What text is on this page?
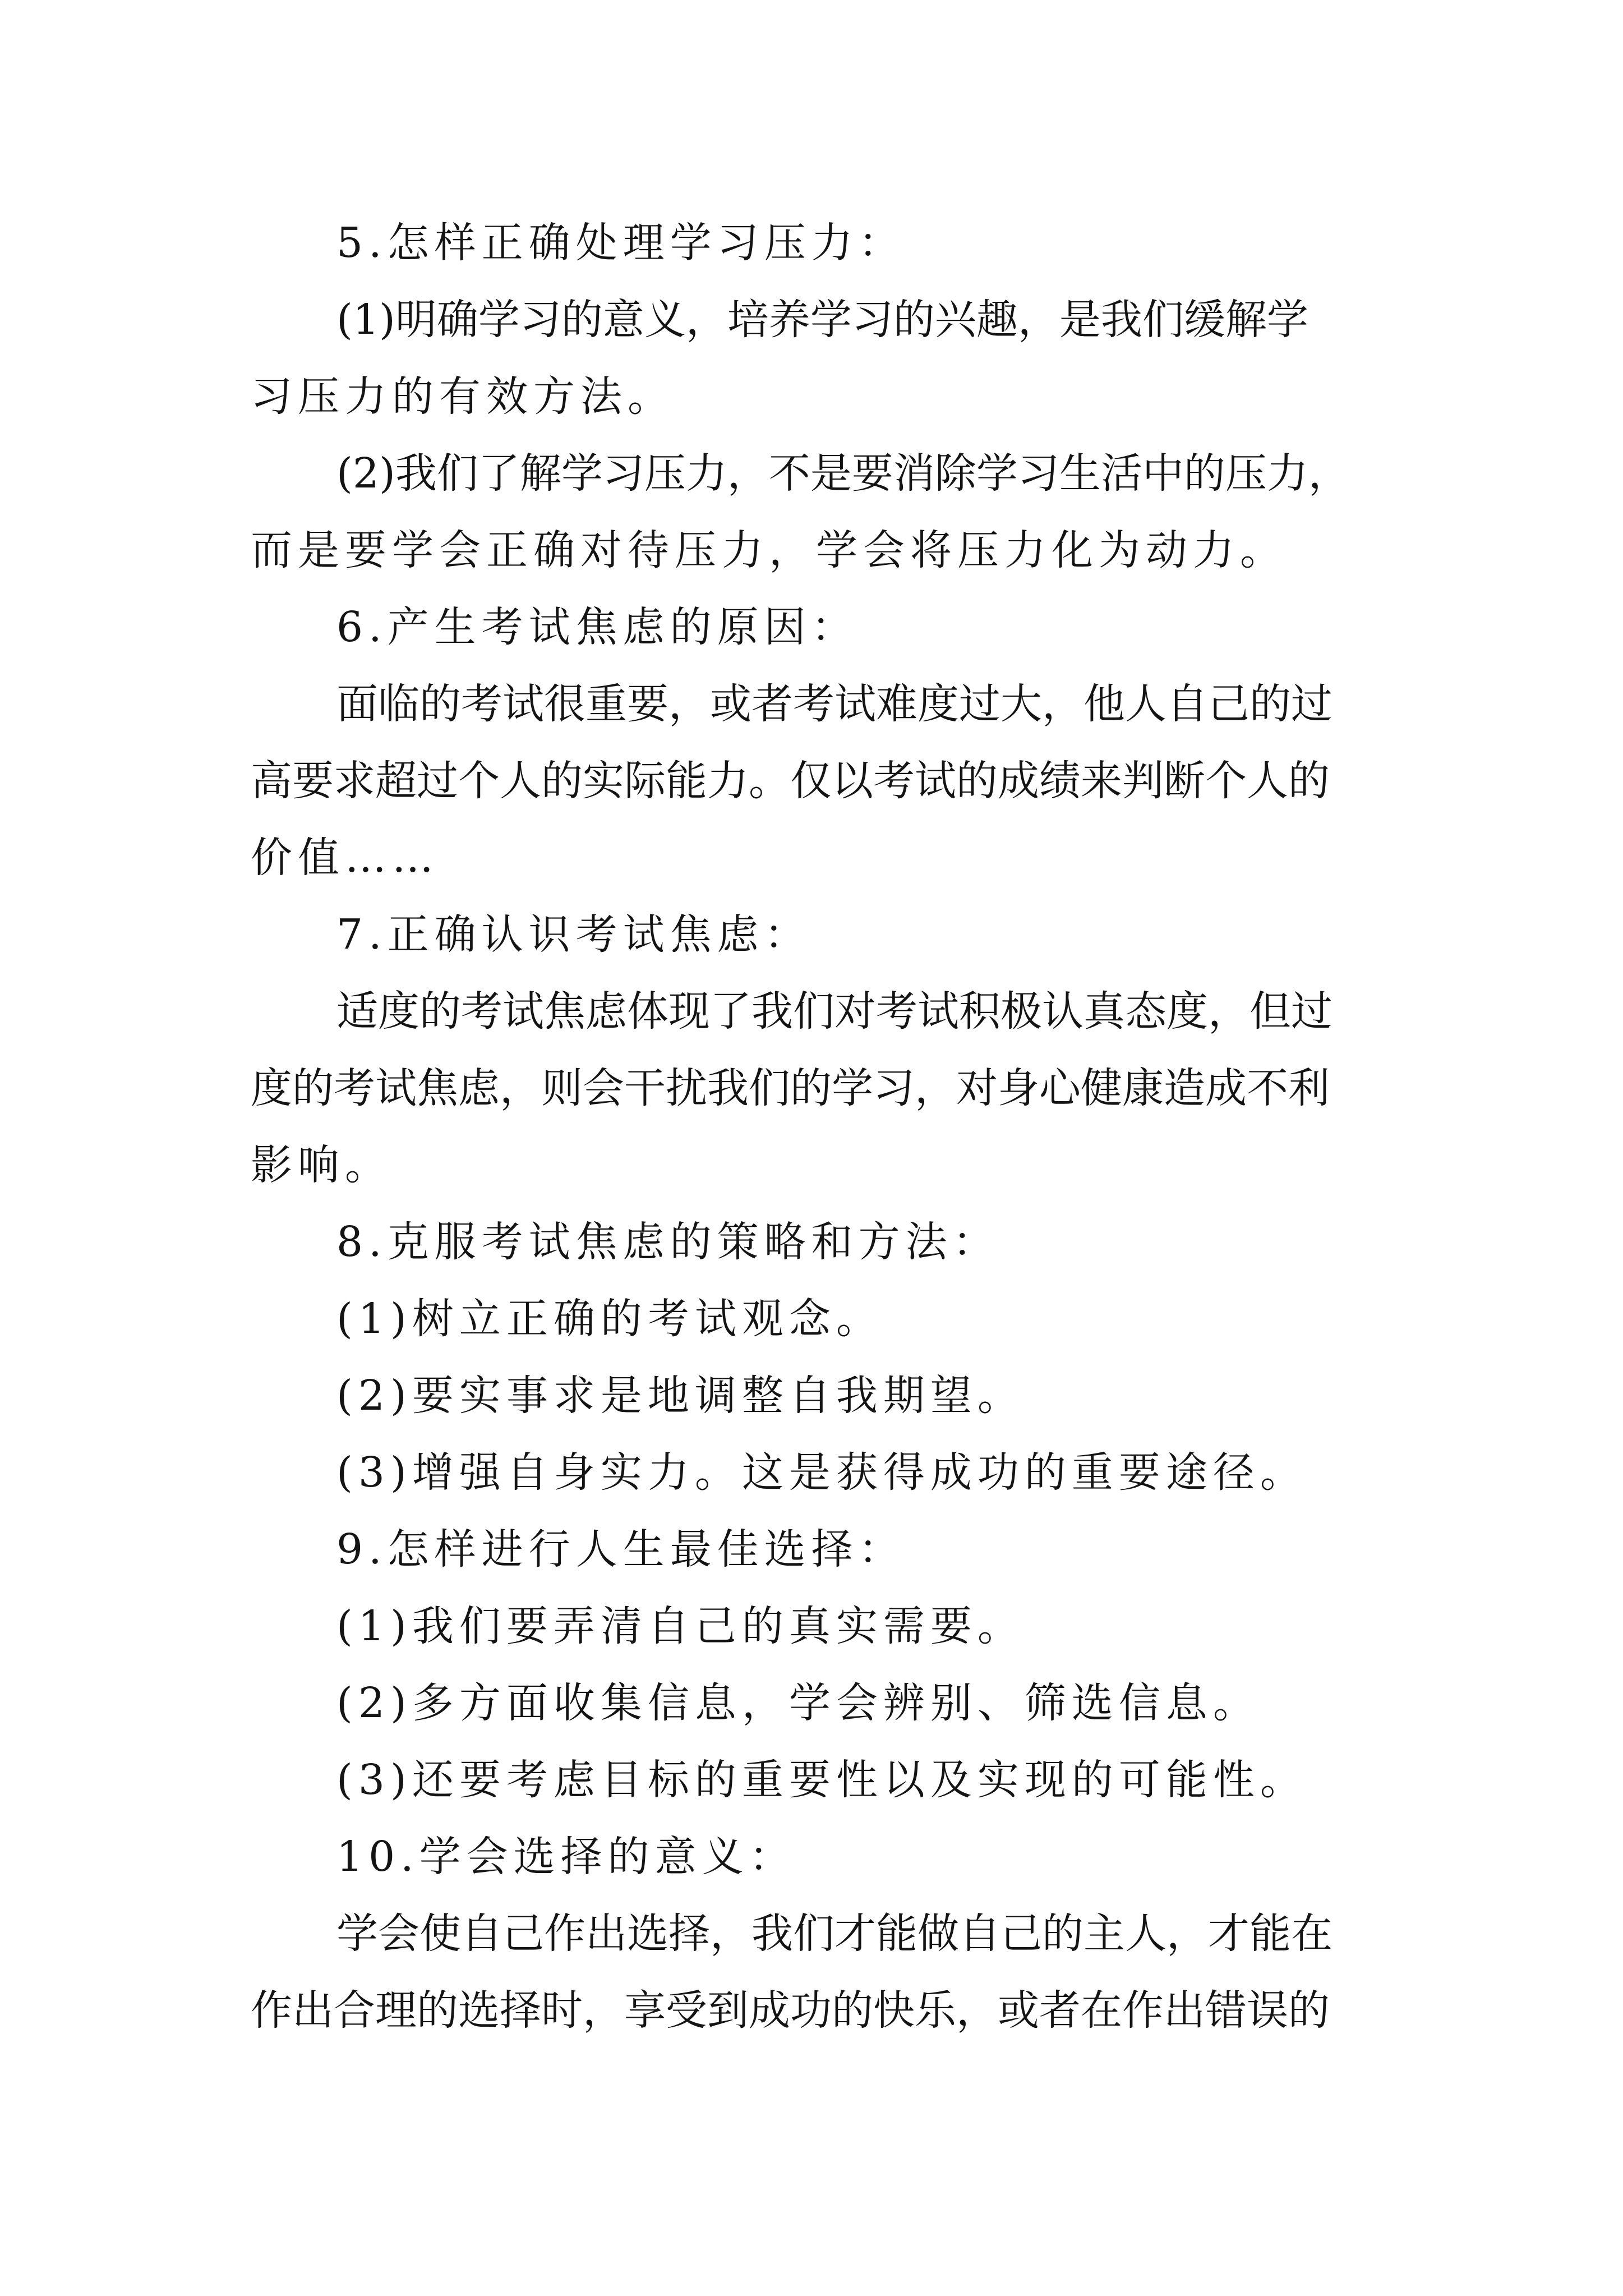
5.怎样正确处理学习压力：
(1)明确学习的意义，培养学习的兴趣，是我们缓解学
习压力的有效方法。
(2)我们了解学习压力，不是要消除学习生活中的压力，
而是要学会正确对待压力，学会将压力化为动力。
6.产生考试焦虑的原因：
面临的考试很重要，或者考试难度过大，他人自己的过
高要求超过个人的实际能力。仅以考试的成绩来判断个人的
价值……
7.正确认识考试焦虑：
适度的考试焦虑体现了我们对考试积极认真态度，但过
度的考试焦虑，则会干扰我们的学习，对身心健康造成不利
影响。
8.克服考试焦虑的策略和方法：
(1)树立正确的考试观念。
(2)要实事求是地调整自我期望。
(3)增强自身实力。这是获得成功的重要途径。
9.怎样进行人生最佳选择：
(1)我们要弄清自己的真实需要。
(2)多方面收集信息，学会辨别、筛选信息。
(3)还要考虑目标的重要性以及实现的可能性。
10.学会选择的意义：
学会使自己作出选择，我们才能做自己的主人，才能在
作出合理的选择时，享受到成功的快乐，或者在作出错误的
